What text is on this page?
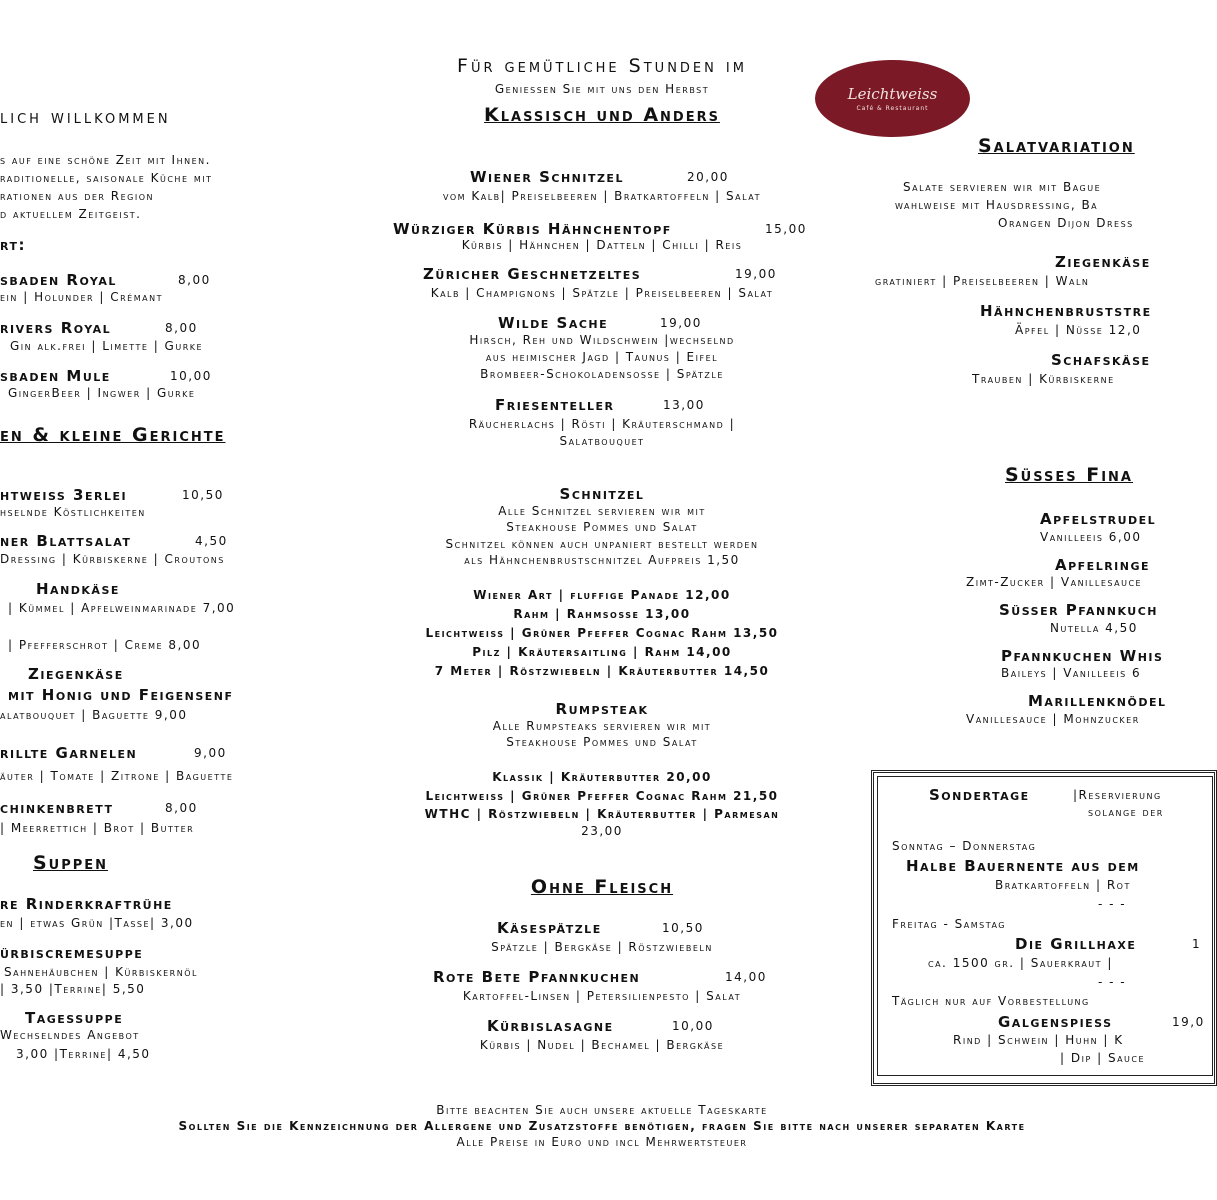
Für gemütliche Stunden im
Geniessen Sie mit uns den Herbst
Klassisch und Anders
Leichtweiss
Café & Restaurant
lich willkommen
s auf eine schöne Zeit mit Ihnen.
raditionelle, saisonale Küche mit
rationen aus der Region
d aktuellem Zeitgeist.
rt:
sbaden Royal	8,00
ein | Holunder | Crémant
rivers Royal	8,00
Gin alk.frei | Limette | Gurke
sbaden Mule	10,00
GingerBeer | Ingwer | Gurke
en & kleine Gerichte
htweiss 3erlei	10,50
hselnde Köstlichkeiten
ner Blattsalat	4,50
Dressing | Kürbiskerne | Croutons
Handkäse
| Kümmel | Apfelweinmarinade 7,00
| Pfefferschrot | Creme 8,00
Ziegenkäse
mit Honig und Feigensenf
alatbouquet | Baguette 9,00
rillte Garnelen	9,00
äuter | Tomate | Zitrone | Baguette
chinkenbrett	8,00
| Meerrettich | Brot | Butter
Suppen
re Rinderkraftrühe
en | etwas Grün |Tasse| 3,00
ürbiscremesuppe
Sahnehäubchen | Kürbiskernöl
| 3,50 |Terrine| 5,50
Tagessuppe
Wechselndes Angebot
3,00 |Terrine| 4,50
Wiener Schnitzel	20,00
vom Kalb| Preiselbeeren | Bratkartoffeln | Salat
Würziger Kürbis Hähnchentopf	15,00
Kürbis | Hähnchen | Datteln | Chilli | Reis
Züricher Geschnetzeltes	19,00
Kalb | Champignons | Spätzle | Preiselbeeren | Salat
Wilde Sache	19,00
Hirsch, Reh und Wildschwein |wechselnd
aus heimischer Jagd | Taunus | Eifel
Brombeer-Schokoladensosse | Spätzle
Friesenteller	13,00
Räucherlachs | Rösti | Kräuterschmand |
Salatbouquet
Schnitzel
Alle Schnitzel servieren wir mit
Steakhouse Pommes und Salat
Schnitzel können auch unpaniert bestellt werden
als Hähnchenbrustschnitzel Aufpreis 1,50
Wiener Art | fluffige Panade 12,00
Rahm | Rahmsosse 13,00
Leichtweiss | Grüner Pfeffer Cognac Rahm 13,50
Pilz | Kräutersaitling | Rahm 14,00
7 Meter | Röstzwiebeln | Kräuterbutter 14,50
Rumpsteak
Alle Rumpsteaks servieren wir mit
Steakhouse Pommes und Salat
Klassik | Kräuterbutter 20,00
Leichtweiss | Grüner Pfeffer Cognac Rahm 21,50
WTHC | Röstzwiebeln | Kräuterbutter | Parmesan
23,00
Ohne Fleisch
Käsespätzle	10,50
Spätzle | Bergkäse | Röstzwiebeln
Rote Bete Pfannkuchen	14,00
Kartoffel-Linsen | Petersilienpesto | Salat
Kürbislasagne	10,00
Kürbis | Nudel | Bechamel | Bergkäse
Salatvariation
Salate servieren wir mit Bague
wahlweise mit Hausdressing, Ba
Orangen Dijon Dress
Ziegenkäse
gratiniert | Preiselbeeren | Waln
Hähnchenbruststre
Äpfel | Nüsse 12,0
Schafskäse
Trauben | Kürbiskerne
Süsses Fina
Apfelstrudel
Vanilleeis 6,00
Apfelringe
Zimt-Zucker | Vanillesauce
Süsser Pfannkuch
Nutella 4,50
Pfannkuchen Whis
Baileys | Vanilleeis 6
Marillenknödel
Vanillesauce | Mohnzucker
Sondertage	|Reservierung
solange der
Sonntag – Donnerstag
Halbe Bauernente aus dem
Bratkartoffeln | Rot
- - -
Freitag - Samstag
Die Grillhaxe	1
ca. 1500 gr. | Sauerkraut |
- - -
Täglich nur auf Vorbestellung
Galgenspiess	19,0
Rind | Schwein | Huhn | K
| Dip | Sauce
Bitte beachten Sie auch unsere aktuelle Tageskarte
Sollten Sie die Kennzeichnung der Allergene und Zusatzstoffe benötigen, fragen Sie bitte nach unserer separaten Karte
Alle Preise in Euro und incl Mehrwertsteuer
